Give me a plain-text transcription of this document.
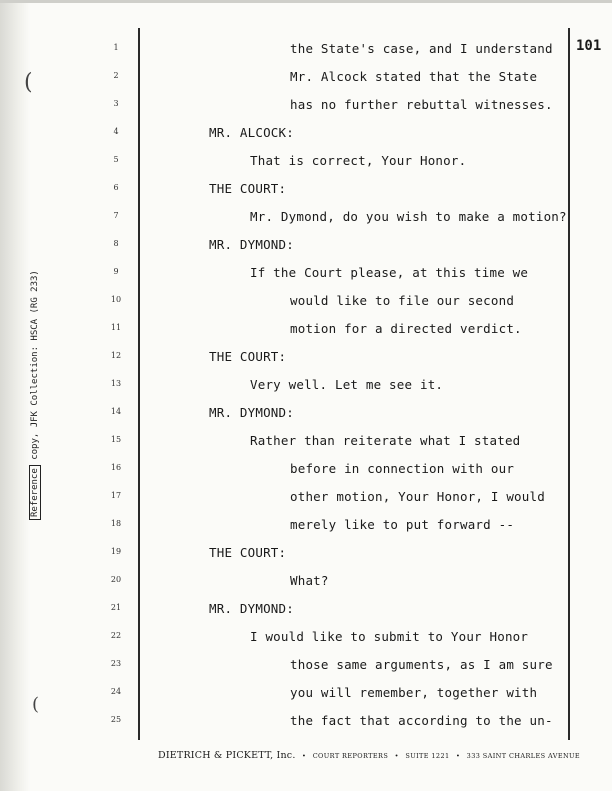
(
(
Reference copy, JFK Collection: HSCA (RG 233)
101
1	the State's case, and I understand
2	Mr. Alcock stated that the State
3	has no further rebuttal witnesses.
4	MR. ALCOCK:
5	That is correct, Your Honor.
6	THE COURT:
7	Mr. Dymond, do you wish to make a motion?
8	MR. DYMOND:
9	If the Court please, at this time we
10	would like to file our second
11	motion for a directed verdict.
12	THE COURT:
13	Very well. Let me see it.
14	MR. DYMOND:
15	Rather than reiterate what I stated
16	before in connection with our
17	other motion, Your Honor, I would
18	merely like to put forward --
19	THE COURT:
20	What?
21	MR. DYMOND:
22	I would like to submit to Your Honor
23	those same arguments, as I am sure
24	you will remember, together with
25	the fact that according to the un-
DIETRICH & PICKETT, Inc. • COURT REPORTERS • SUITE 1221 • 333 SAINT CHARLES AVENUE
